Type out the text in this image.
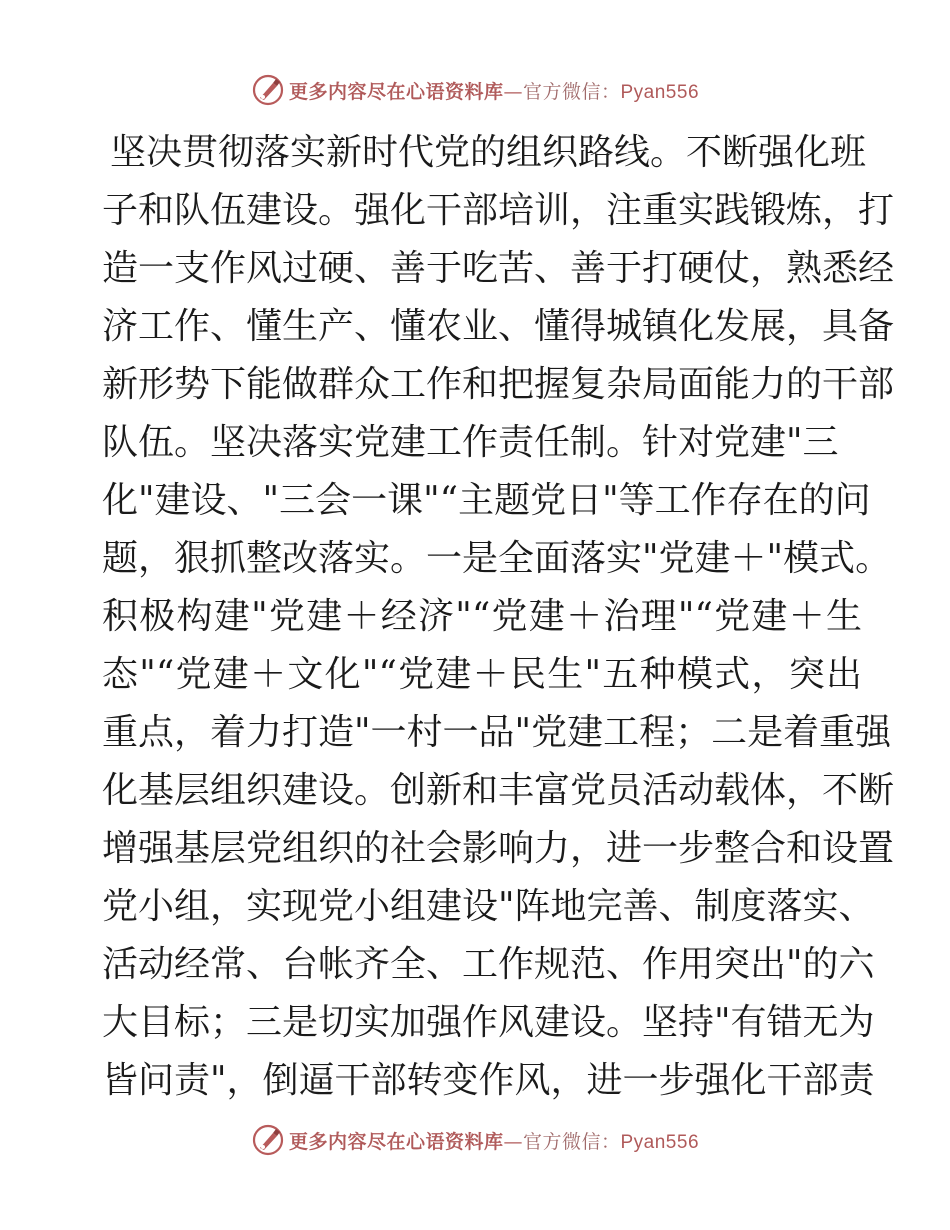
更多内容尽在心语资料库—官方微信：Pyan556
坚决贯彻落实新时代党的组织路线。不断强化班
子和队伍建设。强化干部培训，注重实践锻炼，打
造一支作风过硬、善于吃苦、善于打硬仗，熟悉经
济工作、懂生产、懂农业、懂得城镇化发展，具备
新形势下能做群众工作和把握复杂局面能力的干部
队伍。坚决落实党建工作责任制。针对党建"三
化"建设、"三会一课"“主题党日"等工作存在的问
题，狠抓整改落实。一是全面落实"党建＋"模式。
积极构建"党建＋经济"“党建＋治理"“党建＋生
态"“党建＋文化"“党建＋民生"五种模式，突出
重点，着力打造"一村一品"党建工程；二是着重强
化基层组织建设。创新和丰富党员活动载体，不断
增强基层党组织的社会影响力，进一步整合和设置
党小组，实现党小组建设"阵地完善、制度落实、
活动经常、台帐齐全、工作规范、作用突出"的六
大目标；三是切实加强作风建设。坚持"有错无为
皆问责"，倒逼干部转变作风，进一步强化干部责
更多内容尽在心语资料库—官方微信：Pyan556
